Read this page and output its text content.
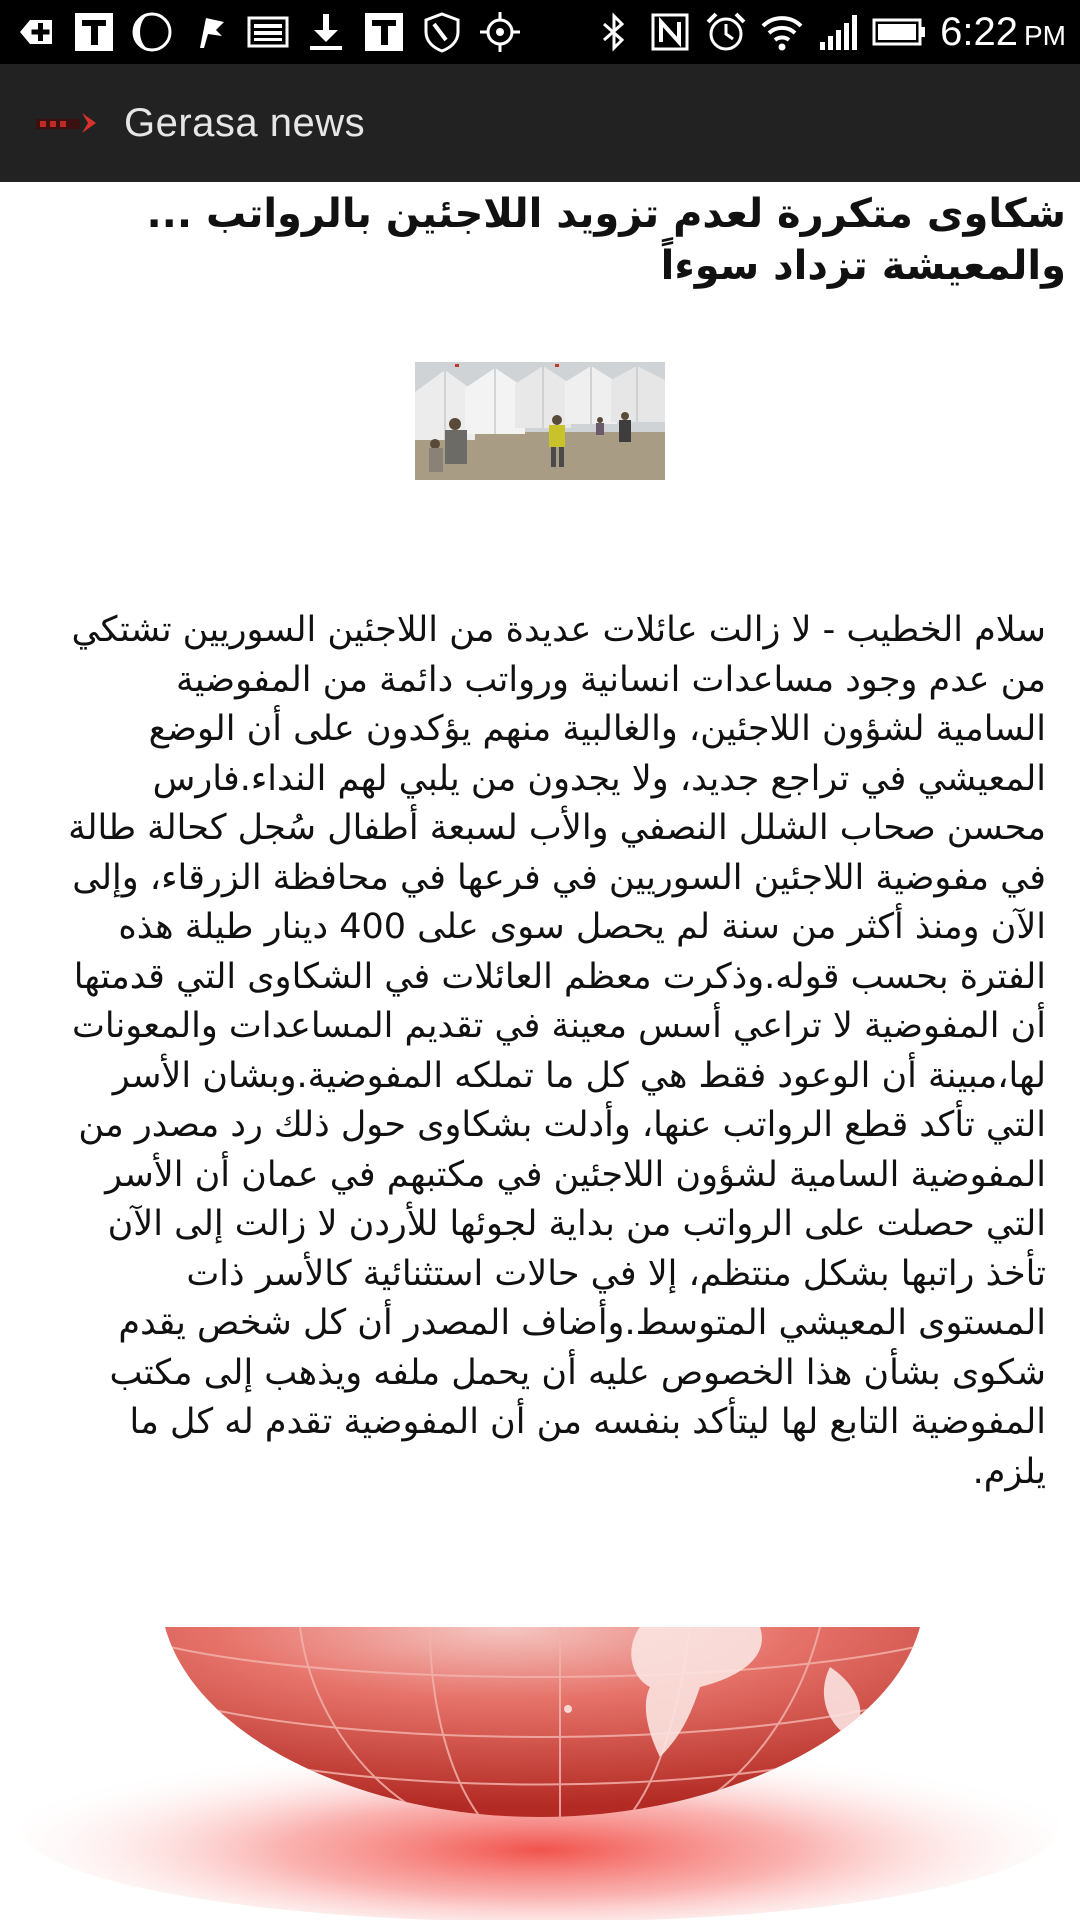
6:22 PM
Gerasa news
شكاوى متكررة لعدم تزويد اللاجئين بالرواتب ... والمعيشة تزداد سوءاً

سلام الخطيب - لا زالت عائلات عديدة من اللاجئين السوريين تشتكي من عدم وجود مساعدات انسانية ورواتب دائمة من المفوضية السامية لشؤون اللاجئين، والغالبية منهم يؤكدون على أن الوضع المعيشي في تراجع جديد، ولا يجدون من يلبي لهم النداء.فارس محسن صحاب الشلل النصفي والأب لسبعة أطفال سُجل كحالة طالة في مفوضية اللاجئين السوريين في فرعها في محافظة الزرقاء، وإلى الآن ومنذ أكثر من سنة لم يحصل سوى على 400 دينار طيلة هذه الفترة بحسب قوله.وذكرت معظم العائلات في الشكاوى التي قدمتها أن المفوضية لا تراعي أسس معينة في تقديم المساعدات والمعونات لها،مبينة أن الوعود فقط هي كل ما تملكه المفوضية.وبشان الأسر التي تأكد قطع الرواتب عنها، وأدلت بشكاوى حول ذلك رد مصدر من المفوضية السامية لشؤون اللاجئين في مكتبهم في عمان أن الأسر التي حصلت على الرواتب من بداية لجوئها للأردن لا زالت إلى الآن تأخذ راتبها بشكل منتظم، إلا في حالات استثنائية كالأسر ذات المستوى المعيشي المتوسط.وأضاف المصدر أن كل شخص يقدم شكوى بشأن هذا الخصوص عليه أن يحمل ملفه ويذهب إلى مكتب المفوضية التابع لها ليتأكد بنفسه من أن المفوضية تقدم له كل ما يلزم.
